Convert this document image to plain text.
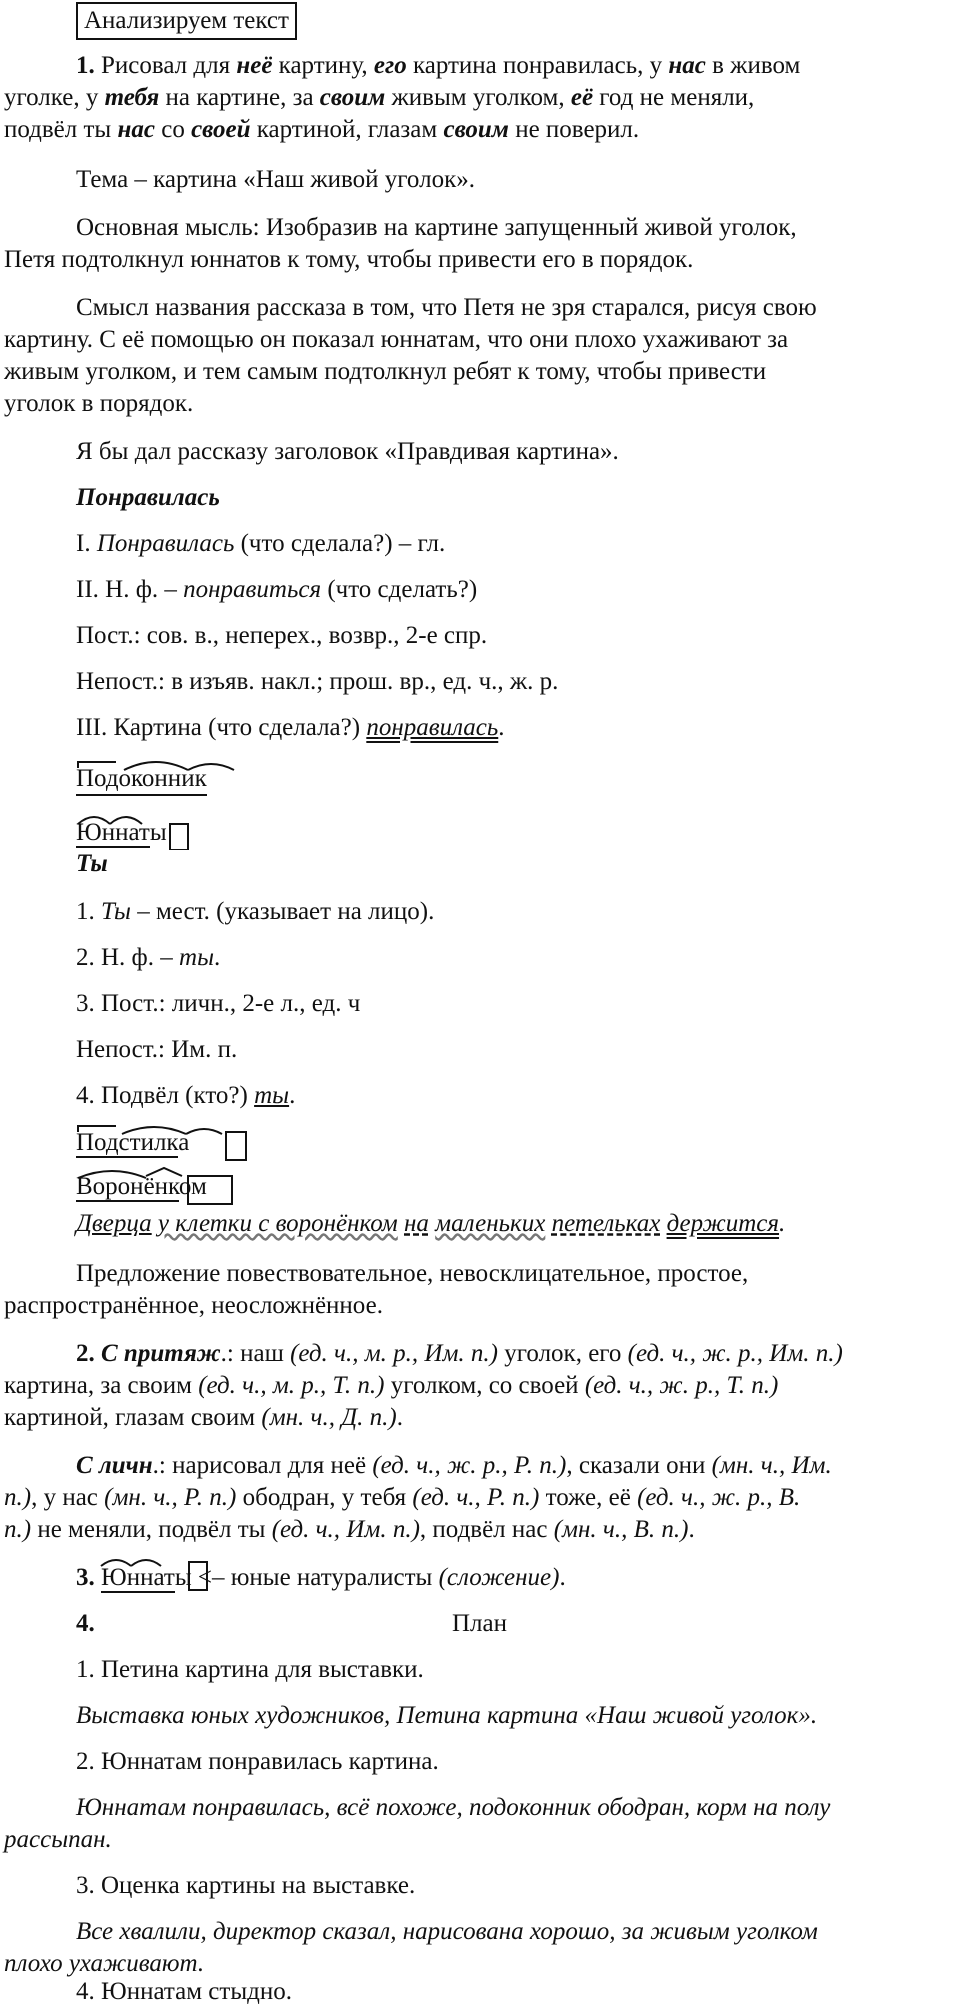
Анализируем текст
1. Рисовал для неё картину, его картина понравилась, у нас в живом
уголке, у тебя на картине, за своим живым уголком, её год не меняли,
подвёл ты нас со своей картиной, глазам своим не поверил.
Тема – картина «Наш живой уголок».
Основная мысль: Изобразив на картине запущенный живой уголок,
Петя подтолкнул юннатов к тому, чтобы привести его в порядок.
Смысл названия рассказа в том, что Петя не зря старался, рисуя свою
картину. С её помощью он показал юннатам, что они плохо ухаживают за
живым уголком, и тем самым подтолкнул ребят к тому, чтобы привести
уголок в порядок.
Я бы дал рассказу заголовок «Правдивая картина».
Понравилась
I. Понравилась (что сделала?) – гл.
II. Н. ф. – понравиться (что сделать?)
Пост.: сов. в., неперех., возвр., 2-е спр.
Непост.: в изъяв. накл.; прош. вр., ед. ч., ж. р.
III. Картина (что сделала?) понравилась.
Подоконник
Юннаты
Ты
1. Ты – мест. (указывает на лицо).
2. Н. ф. – ты.
3. Пост.: личн., 2-е л., ед. ч
Непост.: Им. п.
4. Подвёл (кто?) ты.
Подстилка
Воронёнком
Дверца у клетки с воронёнком на маленьких петельках держится.
Предложение повествовательное, невосклицательное, простое,
распространённое, неосложнённое.
2. С притяж.: наш (ед. ч., м. р., Им. п.) уголок, его (ед. ч., ж. р., Им. п.)
картина, за своим (ед. ч., м. р., Т. п.) уголком, со своей (ед. ч., ж. р., Т. п.)
картиной, глазам своим (мн. ч., Д. п.).
С личн.: нарисовал для неё (ед. ч., ж. р., Р. п.), сказали они (мн. ч., Им.
п.), у нас (мн. ч., Р. п.) ободран, у тебя (ед. ч., Р. п.) тоже, её (ед. ч., ж. р., В.
п.) не меняли, подвёл ты (ед. ч., Им. п.), подвёл нас (мн. ч., В. п.).
3. Юннаты <– юные натуралисты (сложение).
4.	План
1. Петина картина для выставки.
Выставка юных художников, Петина картина «Наш живой уголок».
2. Юннатам понравилась картина.
Юннатам понравилась, всё похоже, подоконник ободран, корм на полу
рассыпан.
3. Оценка картины на выставке.
Все хвалили, директор сказал, нарисована хорошо, за живым уголком
плохо ухаживают.
4. Юннатам стыдно.
